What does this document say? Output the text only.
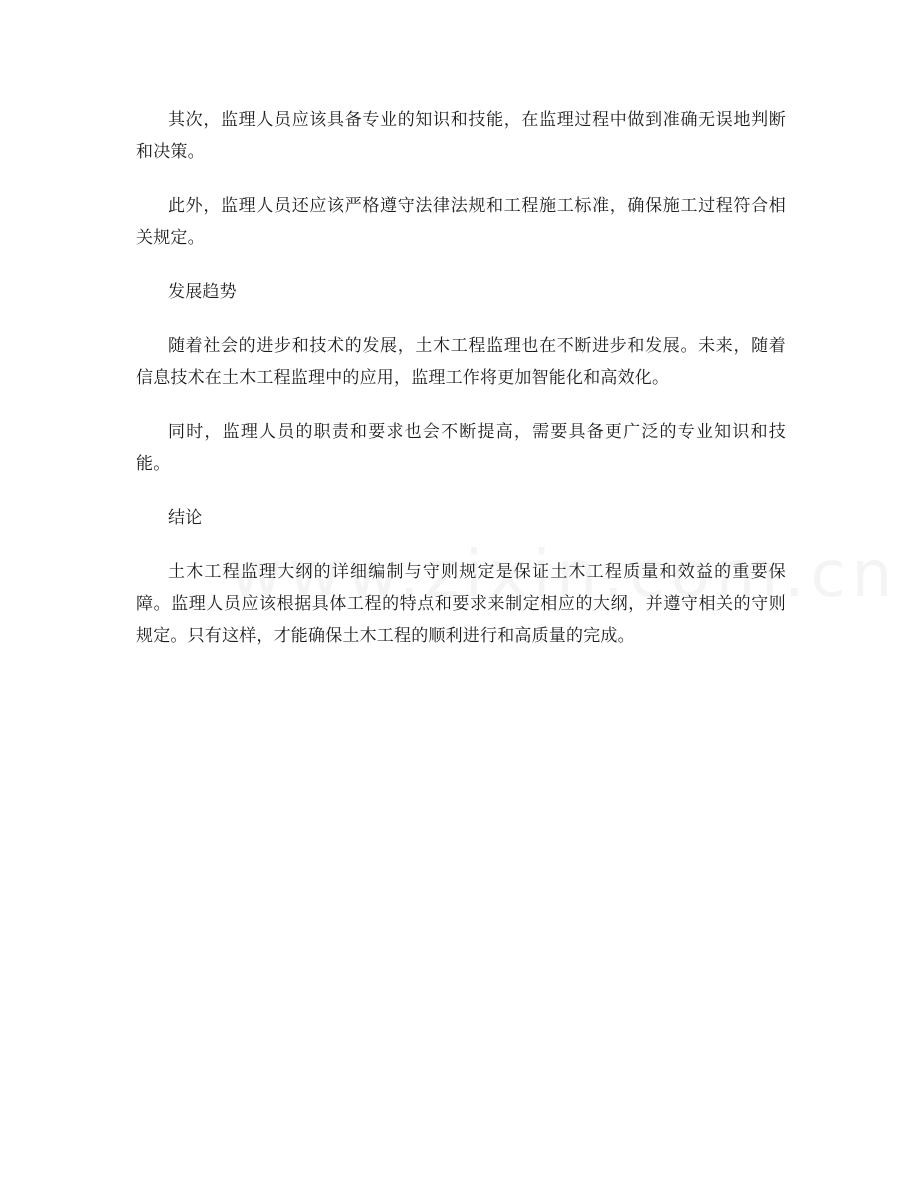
其次，监理人员应该具备专业的知识和技能，在监理过程中做到准确无误地判断和决策。

此外，监理人员还应该严格遵守法律法规和工程施工标准，确保施工过程符合相关规定。

发展趋势

随着社会的进步和技术的发展，土木工程监理也在不断进步和发展。未来，随着信息技术在土木工程监理中的应用，监理工作将更加智能化和高效化。

同时，监理人员的职责和要求也会不断提高，需要具备更广泛的专业知识和技能。

结论

土木工程监理大纲的详细编制与守则规定是保证土木工程质量和效益的重要保障。监理人员应该根据具体工程的特点和要求来制定相应的大纲，并遵守相关的守则规定。只有这样，才能确保土木工程的顺利进行和高质量的完成。
